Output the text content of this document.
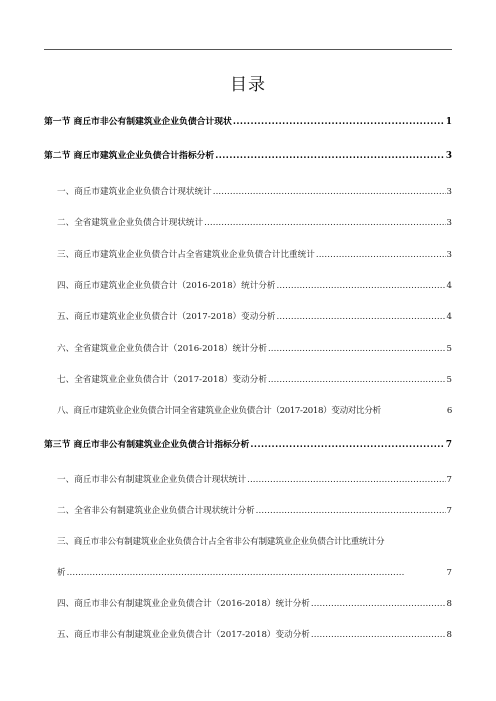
目录
第一节 商丘市非公有制建筑业企业负债合计现状 . . .	1
第二节 商丘市建筑业企业负债合计指标分析 . . .	3
一、商丘市建筑业企业负债合计现状统计 . . .	3
二、全省建筑业企业负债合计现状统计 . . .	3
三、商丘市建筑业企业负债合计占全省建筑业企业负债合计比重统计 . . .	3
四、商丘市建筑业企业负债合计（2016-2018）统计分析 . . .	4
五、商丘市建筑业企业负债合计（2017-2018）变动分析 . . .	4
六、全省建筑业企业负债合计（2016-2018）统计分析 . . .	5
七、全省建筑业企业负债合计（2017-2018）变动分析 . . .	5
八、商丘市建筑业企业负债合计同全省建筑业企业负债合计（2017-2018）变动对比分析	6
第三节 商丘市非公有制建筑业企业负债合计指标分析 . . .	7
一、商丘市非公有制建筑业企业负债合计现状统计 . . .	7
二、全省非公有制建筑业企业负债合计现状统计分析 . . .	7
三、商丘市非公有制建筑业企业负债合计占全省非公有制建筑业企业负债合计比重统计分
析 . . .	7
四、商丘市非公有制建筑业企业负债合计（2016-2018）统计分析 . . .	8
五、商丘市非公有制建筑业企业负债合计（2017-2018）变动分析 . . .	8
